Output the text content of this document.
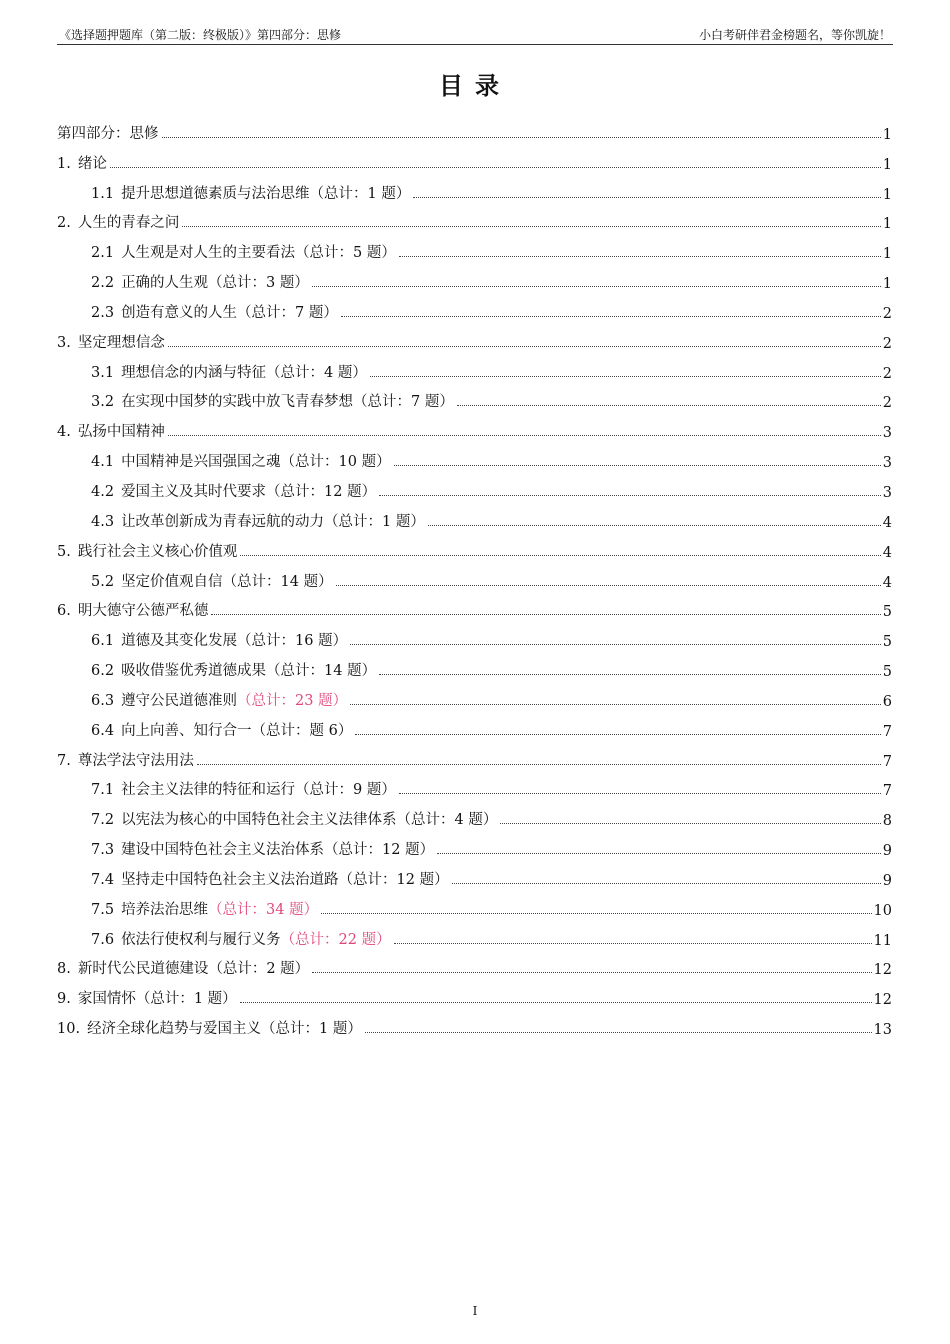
《选择题押题库（第二版：终极版）》第四部分：思修	小白考研伴君金榜题名，等你凯旋！
目录
第四部分：思修	1
1. 绪论	1
1.1 提升思想道德素质与法治思维（总计：1 题）	1
2. 人生的青春之问	1
2.1 人生观是对人生的主要看法（总计：5 题）	1
2.2 正确的人生观（总计：3 题）	1
2.3 创造有意义的人生（总计：7 题）	2
3. 坚定理想信念	2
3.1 理想信念的内涵与特征（总计：4 题）	2
3.2 在实现中国梦的实践中放飞青春梦想（总计：7 题）	2
4. 弘扬中国精神	3
4.1 中国精神是兴国强国之魂（总计：10 题）	3
4.2 爱国主义及其时代要求（总计：12 题）	3
4.3 让改革创新成为青春远航的动力（总计：1 题）	4
5. 践行社会主义核心价值观	4
5.2 坚定价值观自信（总计：14 题）	4
6. 明大德守公德严私德	5
6.1 道德及其变化发展（总计：16 题）	5
6.2 吸收借鉴优秀道德成果（总计：14 题）	5
6.3 遵守公民道德准则（总计：23 题）	6
6.4 向上向善、知行合一（总计：题 6）	7
7. 尊法学法守法用法	7
7.1 社会主义法律的特征和运行（总计：9 题）	7
7.2 以宪法为核心的中国特色社会主义法律体系（总计：4 题）	8
7.3 建设中国特色社会主义法治体系（总计：12 题）	9
7.4 坚持走中国特色社会主义法治道路（总计：12 题）	9
7.5 培养法治思维（总计：34 题）	10
7.6 依法行使权利与履行义务（总计：22 题）	11
8. 新时代公民道德建设（总计：2 题）	12
9. 家国情怀（总计：1 题）	12
10. 经济全球化趋势与爱国主义（总计：1 题）	13
I
